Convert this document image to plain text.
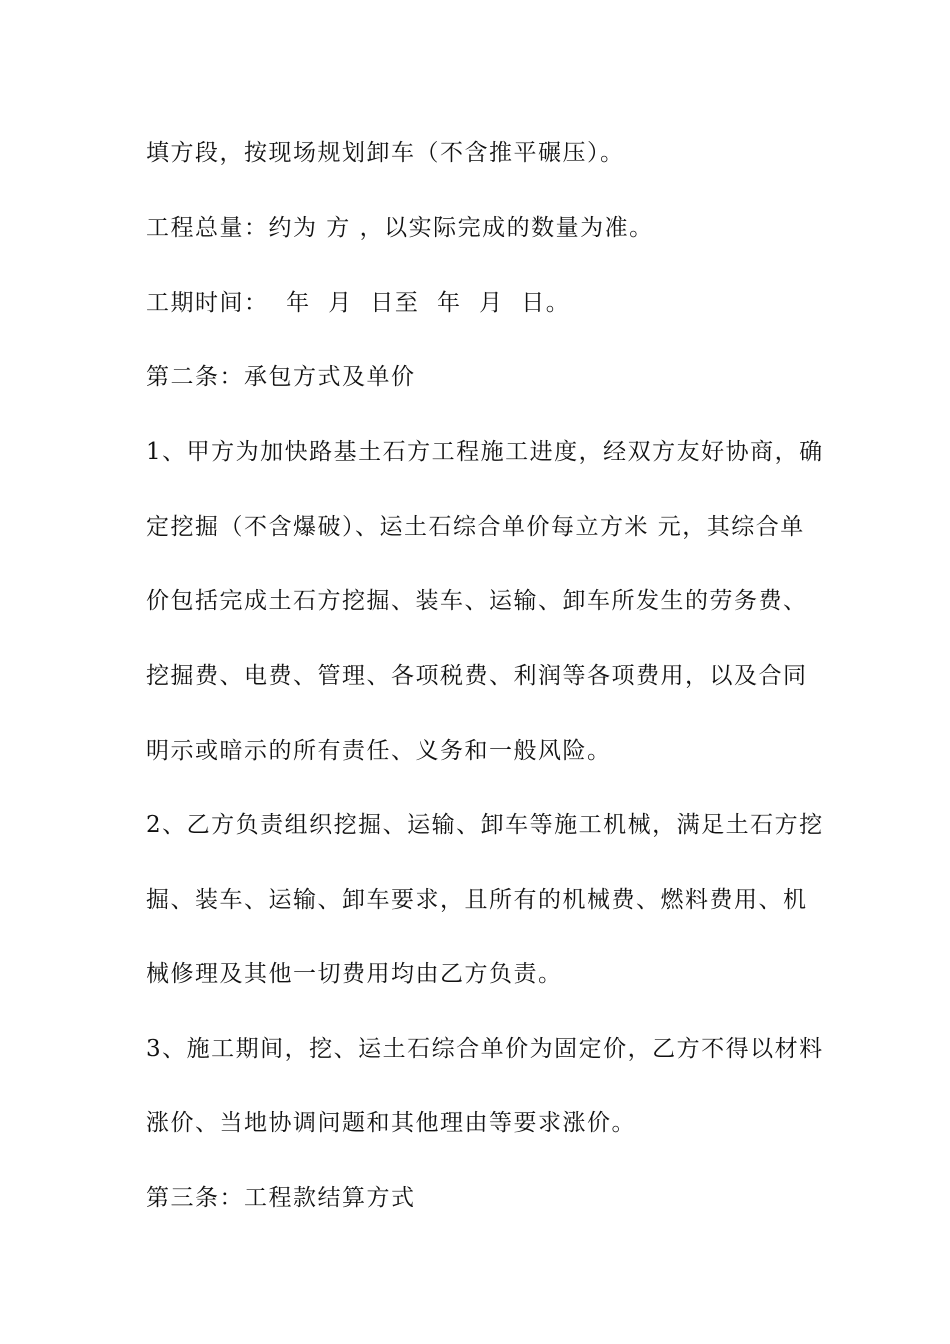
填方段，按现场规划卸车（不含推平碾压）。
工程总量：约为 方 ，以实际完成的数量为准。
工期时间：  年  月  日至  年  月  日。
第二条：承包方式及单价
1、甲方为加快路基土石方工程施工进度，经双方友好协商，确
定挖掘（不含爆破）、运土石综合单价每立方米 元，其综合单
价包括完成土石方挖掘、装车、运输、卸车所发生的劳务费、
挖掘费、电费、管理、各项税费、利润等各项费用，以及合同
明示或暗示的所有责任、义务和一般风险。
2、乙方负责组织挖掘、运输、卸车等施工机械，满足土石方挖
掘、装车、运输、卸车要求，且所有的机械费、燃料费用、机
械修理及其他一切费用均由乙方负责。
3、施工期间，挖、运土石综合单价为固定价，乙方不得以材料
涨价、当地协调问题和其他理由等要求涨价。
第三条：工程款结算方式
